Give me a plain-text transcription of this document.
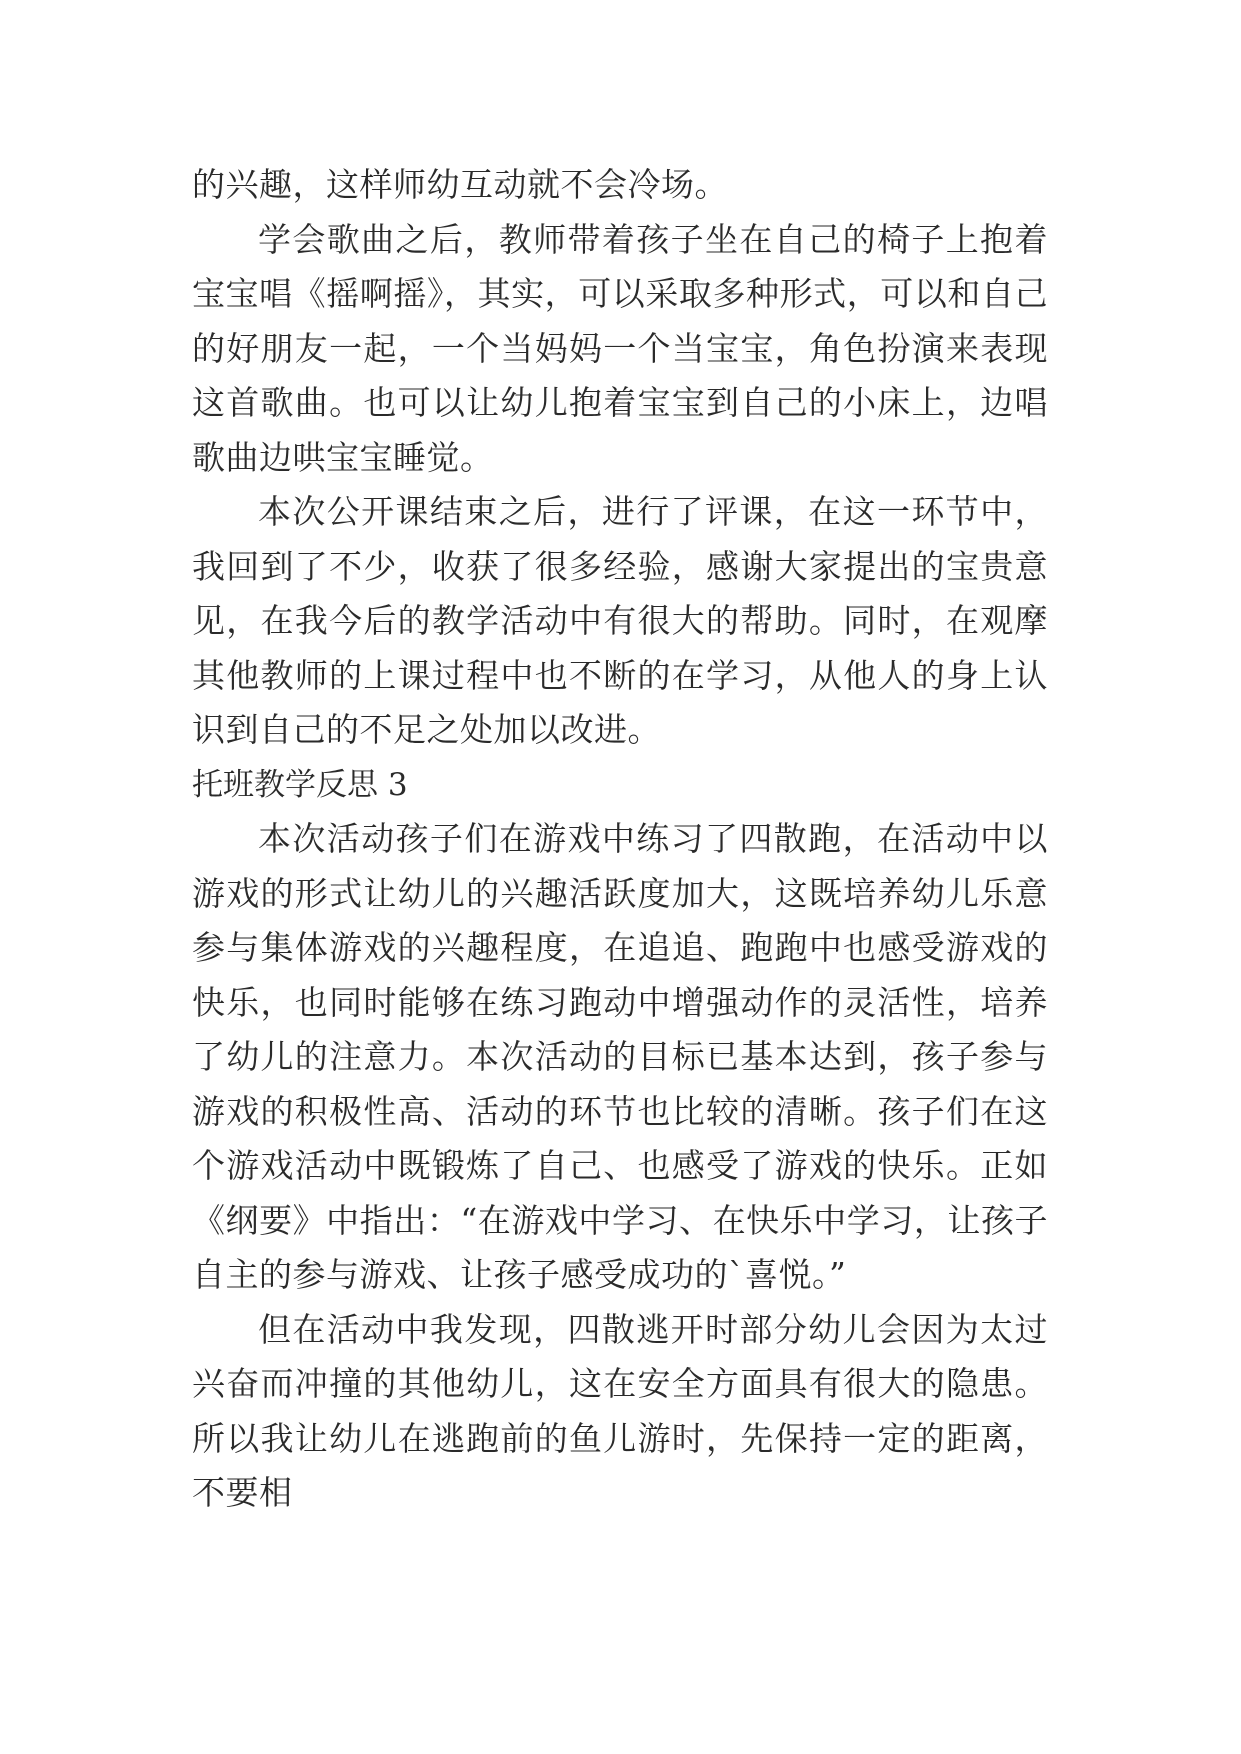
的兴趣，这样师幼互动就不会冷场。

学会歌曲之后，教师带着孩子坐在自己的椅子上抱着宝宝唱《摇啊摇》，其实，可以采取多种形式，可以和自己的好朋友一起，一个当妈妈一个当宝宝，角色扮演来表现这首歌曲。也可以让幼儿抱着宝宝到自己的小床上，边唱歌曲边哄宝宝睡觉。

本次公开课结束之后，进行了评课，在这一环节中，我回到了不少，收获了很多经验，感谢大家提出的宝贵意见，在我今后的教学活动中有很大的帮助。同时，在观摩其他教师的上课过程中也不断的在学习，从他人的身上认识到自己的不足之处加以改进。

托班教学反思 3

本次活动孩子们在游戏中练习了四散跑，在活动中以游戏的形式让幼儿的兴趣活跃度加大，这既培养幼儿乐意参与集体游戏的兴趣程度，在追追、跑跑中也感受游戏的快乐，也同时能够在练习跑动中增强动作的灵活性，培养了幼儿的注意力。本次活动的目标已基本达到，孩子参与游戏的积极性高、活动的环节也比较的清晰。孩子们在这个游戏活动中既锻炼了自己、也感受了游戏的快乐。正如《纲要》中指出：“在游戏中学习、在快乐中学习，让孩子自主的参与游戏、让孩子感受成功的`喜悦。”

但在活动中我发现，四散逃开时部分幼儿会因为太过兴奋而冲撞的其他幼儿，这在安全方面具有很大的隐患。所以我让幼儿在逃跑前的鱼儿游时，先保持一定的距离，不要相
